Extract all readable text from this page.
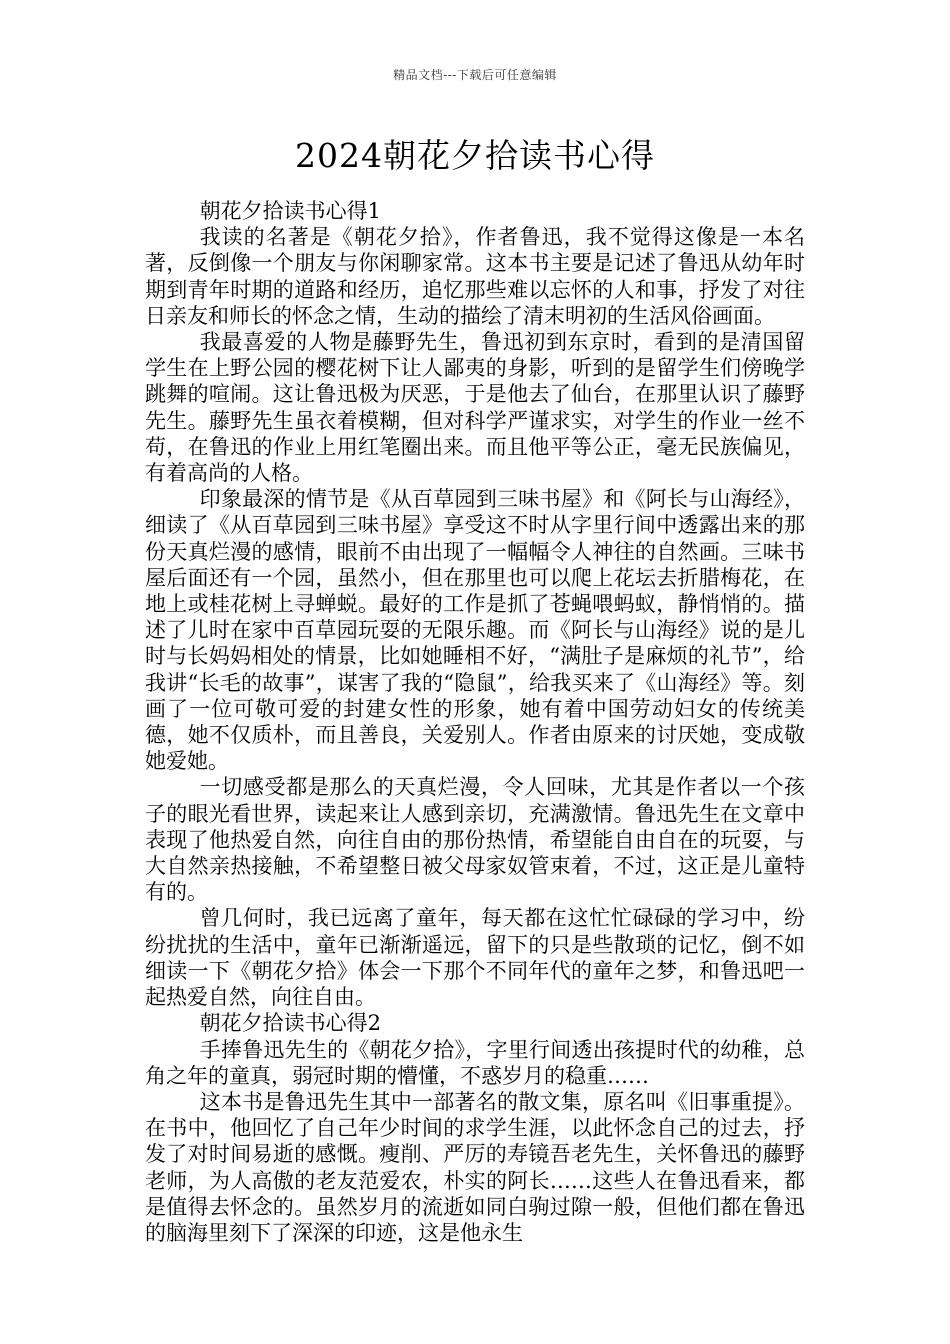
精品文档---下载后可任意编辑
2024朝花夕拾读书心得

朝花夕拾读书心得1

我读的名著是《朝花夕拾》，作者鲁迅，我不觉得这像是一本名著，反倒像一个朋友与你闲聊家常。这本书主要是记述了鲁迅从幼年时期到青年时期的道路和经历，追忆那些难以忘怀的人和事，抒发了对往日亲友和师长的怀念之情，生动的描绘了清末明初的生活风俗画面。

我最喜爱的人物是藤野先生，鲁迅初到东京时，看到的是清国留学生在上野公园的樱花树下让人鄙夷的身影，听到的是留学生们傍晚学跳舞的喧闹。这让鲁迅极为厌恶，于是他去了仙台，在那里认识了藤野先生。藤野先生虽衣着模糊，但对科学严谨求实，对学生的作业一丝不苟，在鲁迅的作业上用红笔圈出来。而且他平等公正，毫无民族偏见，有着高尚的人格。

印象最深的情节是《从百草园到三味书屋》和《阿长与山海经》，细读了《从百草园到三味书屋》享受这不时从字里行间中透露出来的那份天真烂漫的感情，眼前不由出现了一幅幅令人神往的自然画。三味书屋后面还有一个园，虽然小，但在那里也可以爬上花坛去折腊梅花，在地上或桂花树上寻蝉蜕。最好的工作是抓了苍蝇喂蚂蚁，静悄悄的。描述了儿时在家中百草园玩耍的无限乐趣。而《阿长与山海经》说的是儿时与长妈妈相处的情景，比如她睡相不好，“满肚子是麻烦的礼节”，给我讲“长毛的故事”，谋害了我的“隐鼠”，给我买来了《山海经》等。刻画了一位可敬可爱的封建女性的形象，她有着中国劳动妇女的传统美德，她不仅质朴，而且善良，关爱别人。作者由原来的讨厌她，变成敬她爱她。

一切感受都是那么的天真烂漫，令人回味，尤其是作者以一个孩子的眼光看世界，读起来让人感到亲切，充满激情。鲁迅先生在文章中表现了他热爱自然，向往自由的那份热情，希望能自由自在的玩耍，与大自然亲热接触，不希望整日被父母家奴管束着，不过，这正是儿童特有的。

曾几何时，我已远离了童年，每天都在这忙忙碌碌的学习中，纷纷扰扰的生活中，童年已渐渐遥远，留下的只是些散琐的记忆，倒不如细读一下《朝花夕拾》体会一下那个不同年代的童年之梦，和鲁迅吧一起热爱自然，向往自由。

朝花夕拾读书心得2

手捧鲁迅先生的《朝花夕拾》，字里行间透出孩提时代的幼稚，总角之年的童真，弱冠时期的懵懂，不惑岁月的稳重……

这本书是鲁迅先生其中一部著名的散文集，原名叫《旧事重提》。在书中，他回忆了自己年少时间的求学生涯，以此怀念自己的过去，抒发了对时间易逝的感慨。瘦削、严厉的寿镜吾老先生，关怀鲁迅的藤野老师，为人高傲的老友范爱农，朴实的阿长……这些人在鲁迅看来，都是值得去怀念的。虽然岁月的流逝如同白驹过隙一般，但他们都在鲁迅的脑海里刻下了深深的印迹，这是他永生
